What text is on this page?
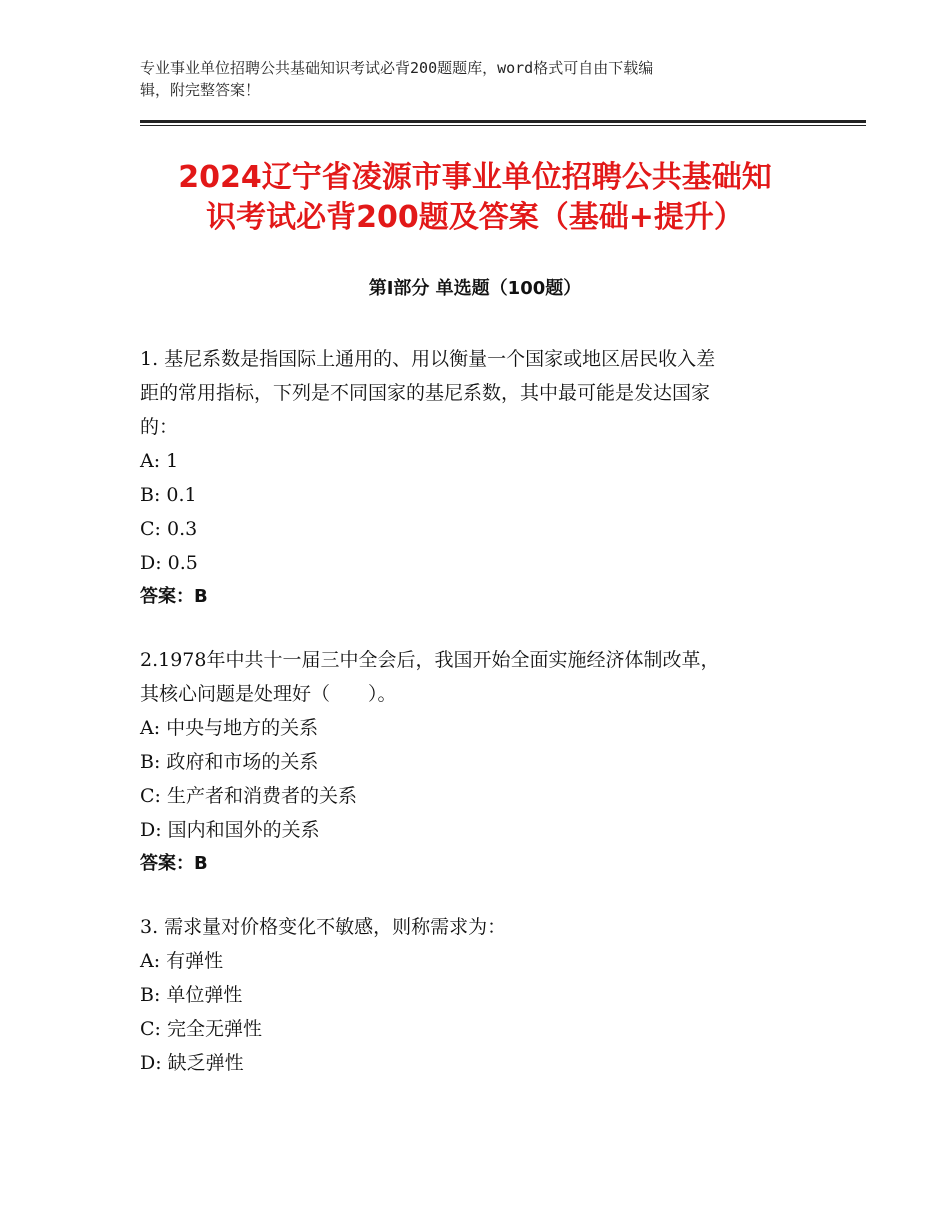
专业事业单位招聘公共基础知识考试必背200题题库，word格式可自由下载编
辑，附完整答案！
2024辽宁省凌源市事业单位招聘公共基础知
识考试必背200题及答案（基础+提升）
第Ⅰ部分 单选题（100题）

1. 基尼系数是指国际上通用的、用以衡量一个国家或地区居民收入差

距的常用指标，下列是不同国家的基尼系数，其中最可能是发达国家

的：

A: 1

B: 0.1

C: 0.3

D: 0.5

答案：B

2.1978年中共十一届三中全会后，我国开始全面实施经济体制改革，

其核心问题是处理好（　　）。

A: 中央与地方的关系

B: 政府和市场的关系

C: 生产者和消费者的关系

D: 国内和国外的关系

答案：B

3. 需求量对价格变化不敏感，则称需求为：

A: 有弹性

B: 单位弹性

C: 完全无弹性

D: 缺乏弹性
